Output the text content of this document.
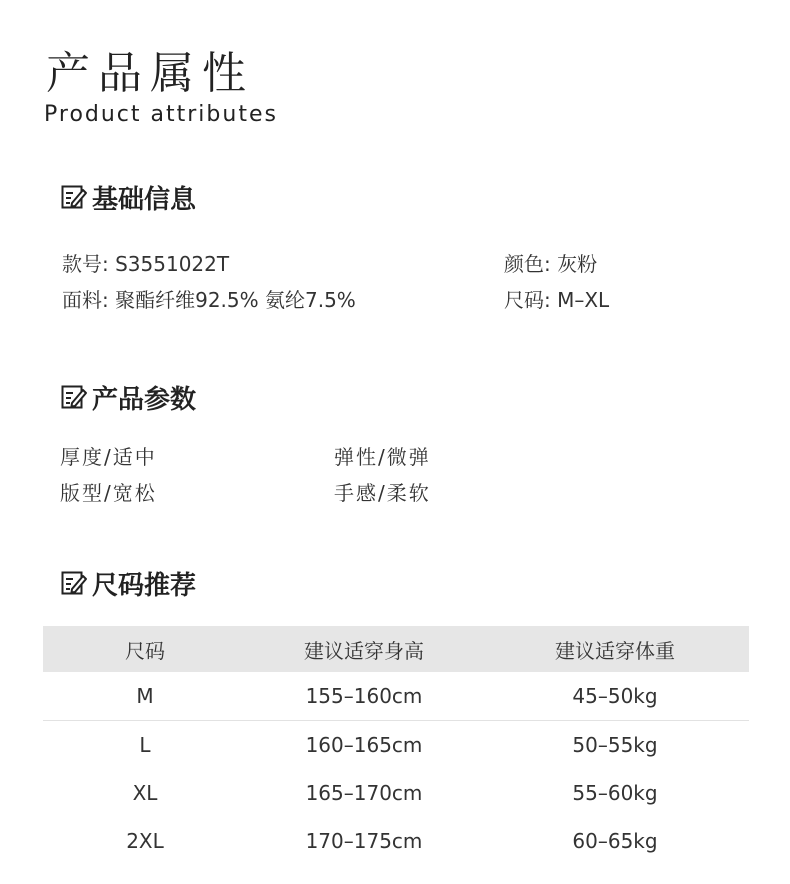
产品属性
Product attributes
基础信息
款号: S3551022T	颜色: 灰粉
面料: 聚酯纤维92.5% 氨纶7.5%	尺码: M–XL
产品参数
厚度/适中	弹性/微弹
版型/宽松	手感/柔软
尺码推荐
尺码	建议适穿身高	建议适穿体重
M	155–160cm	45–50kg
L	160–165cm	50–55kg
XL	165–170cm	55–60kg
2XL	170–175cm	60–65kg
